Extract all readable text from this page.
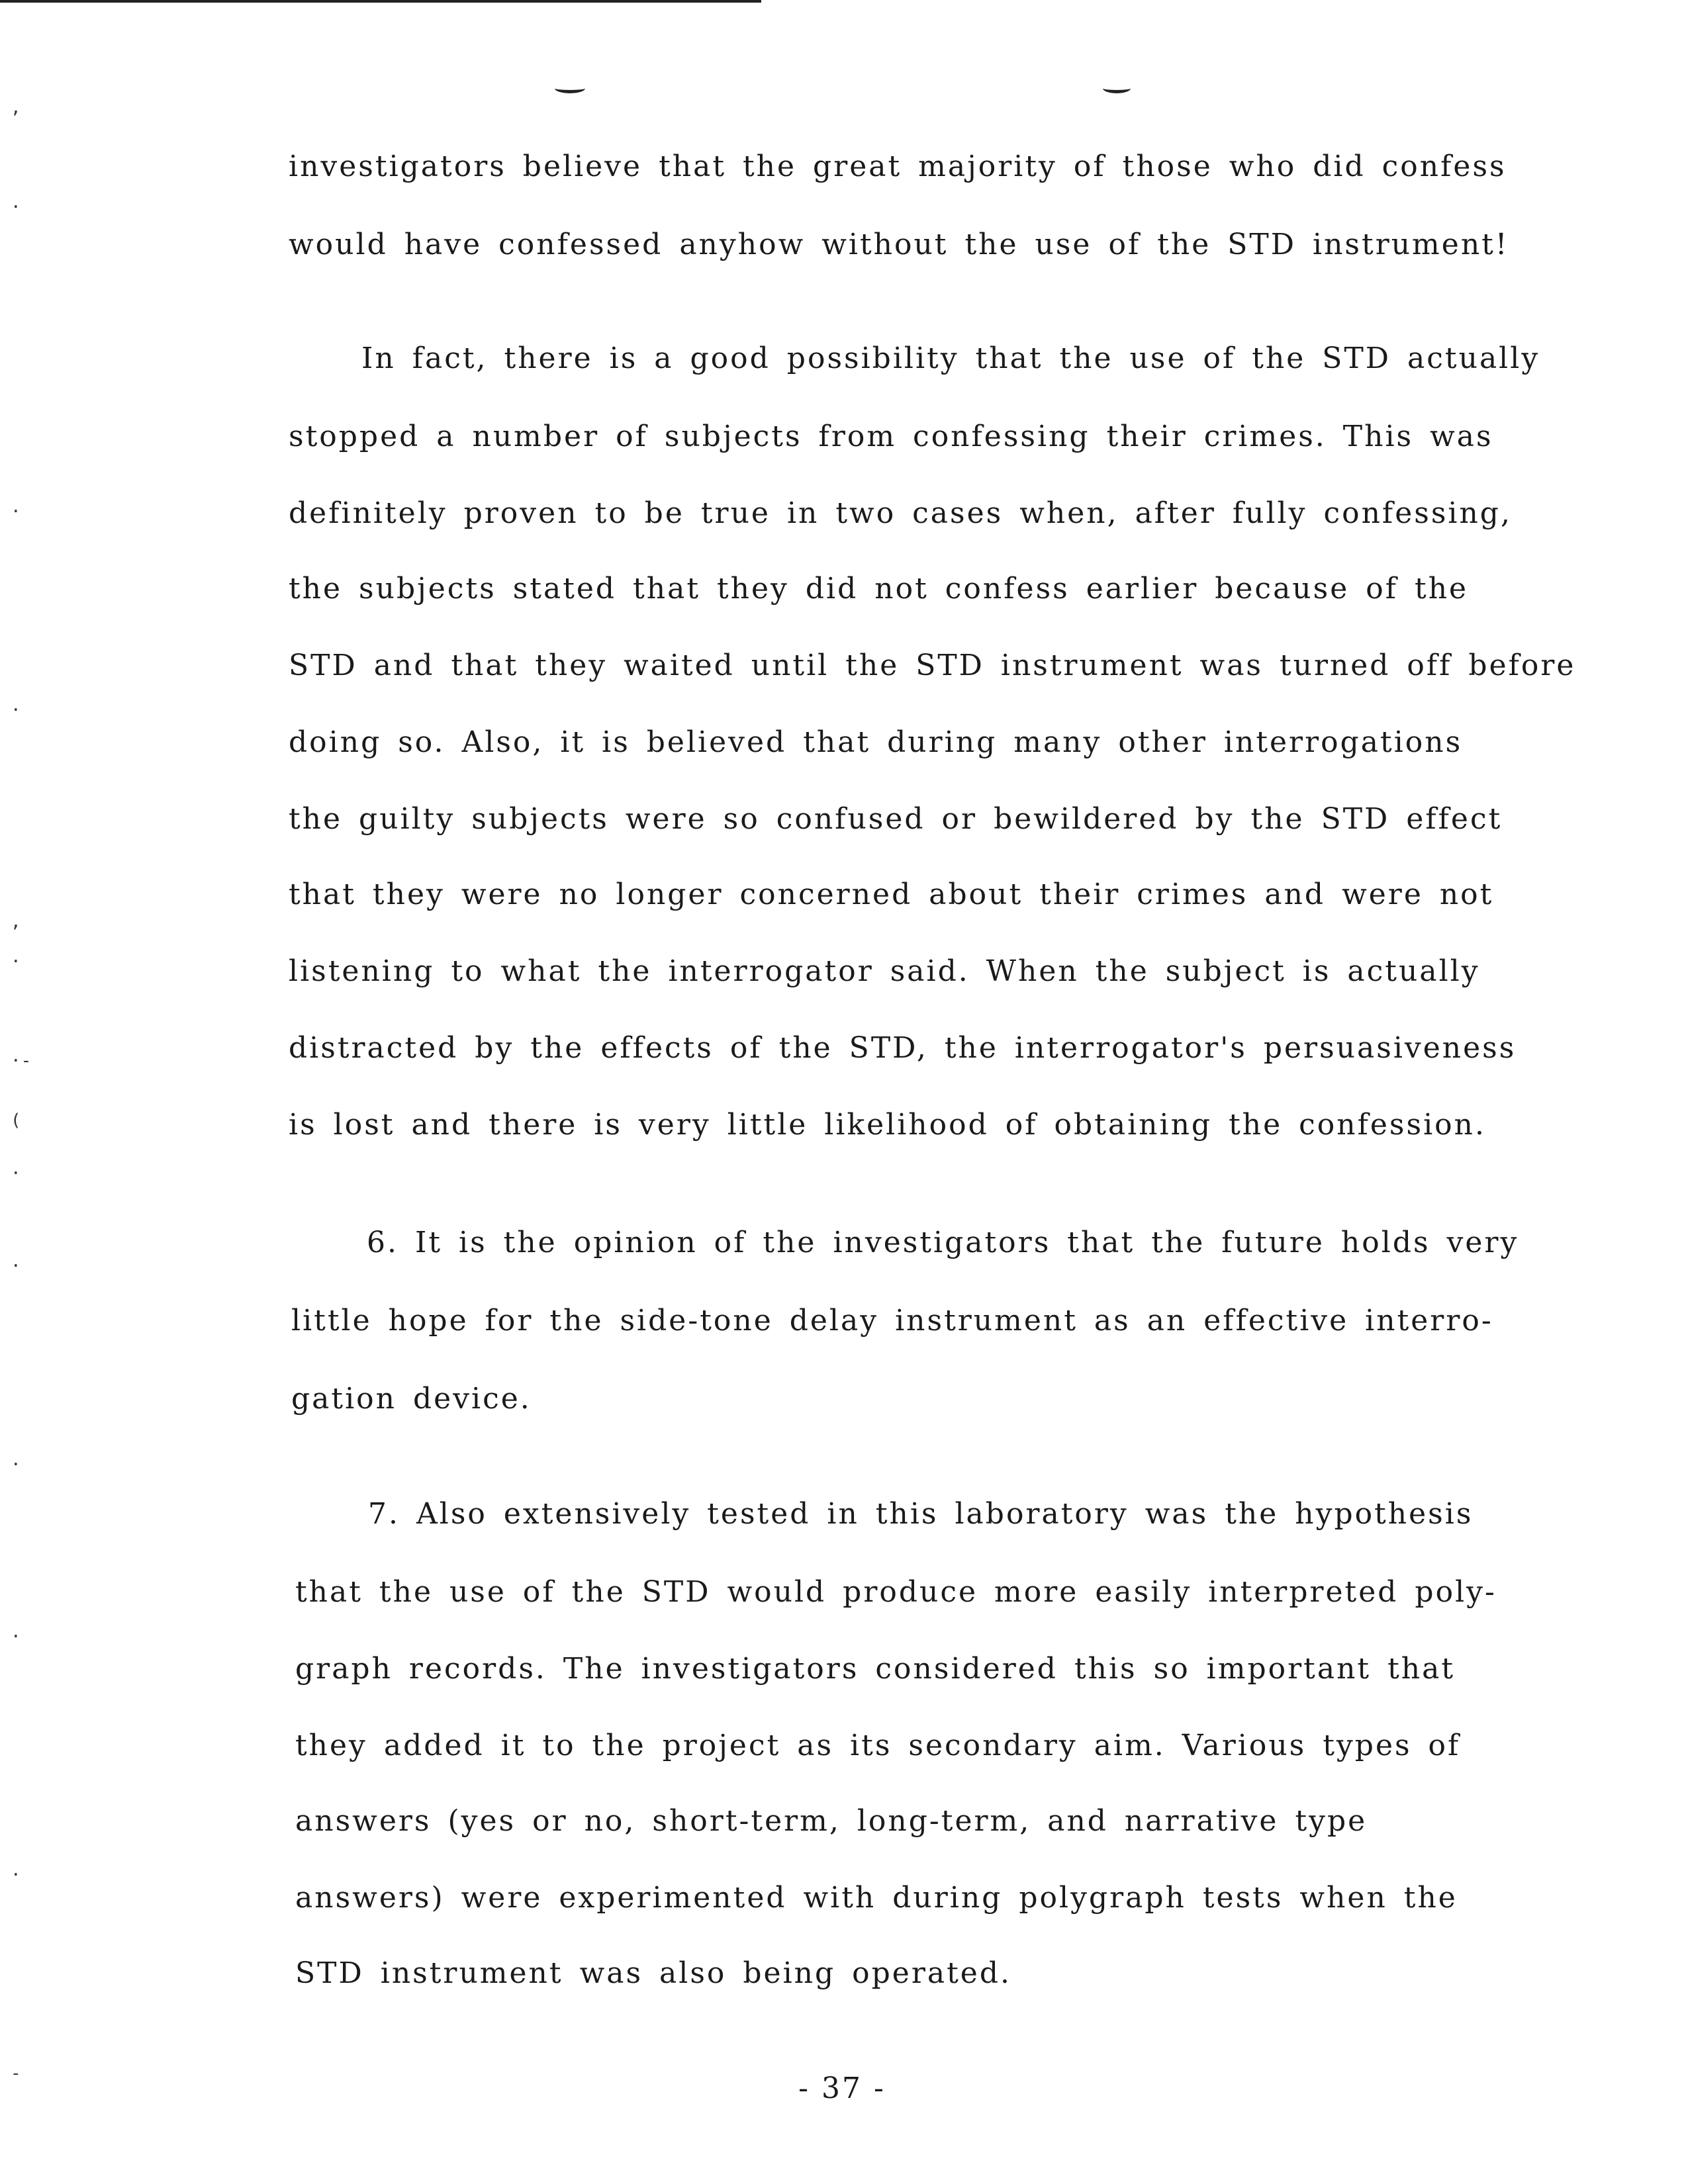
,
·
·
·
,
·
·-
(
·
·
·
·
·
-

investigators believe that the great majority of those who did confess

would have confessed anyhow without the use of the STD instrument!

In fact, there is a good possibility that the use of the STD actually

stopped a number of subjects from confessing their crimes. This was

definitely proven to be true in two cases when, after fully confessing,

the subjects stated that they did not confess earlier because of the

STD and that they waited until the STD instrument was turned off before

doing so. Also, it is believed that during many other interrogations

the guilty subjects were so confused or bewildered by the STD effect

that they were no longer concerned about their crimes and were not

listening to what the interrogator said. When the subject is actually

distracted by the effects of the STD, the interrogator's persuasiveness

is lost and there is very little likelihood of obtaining the confession.

6. It is the opinion of the investigators that the future holds very

little hope for the side-tone delay instrument as an effective interro-

gation device.

7. Also extensively tested in this laboratory was the hypothesis

that the use of the STD would produce more easily interpreted poly-

graph records. The investigators considered this so important that

they added it to the project as its secondary aim. Various types of

answers (yes or no, short-term, long-term, and narrative type

answers) were experimented with during polygraph tests when the

STD instrument was also being operated.

- 37 -
